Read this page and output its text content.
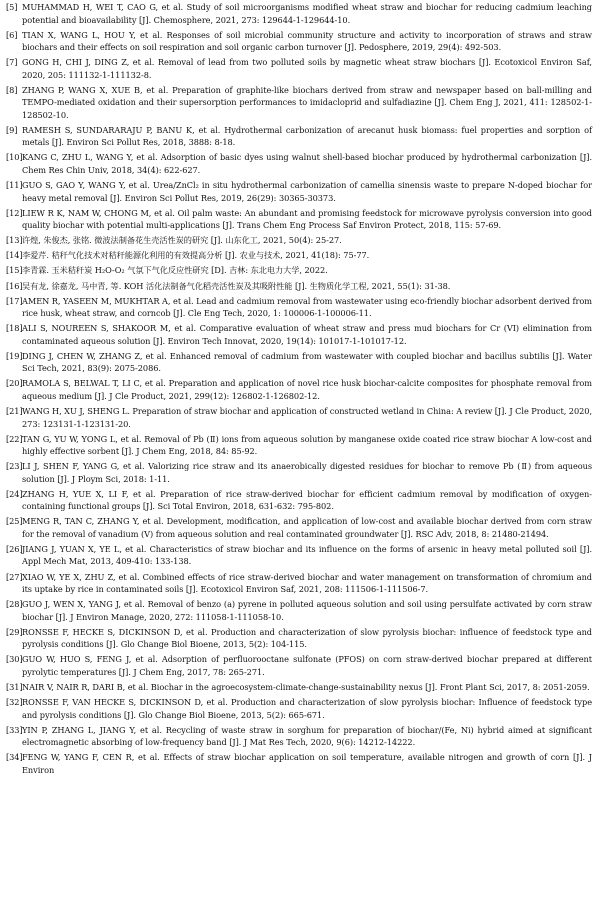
[5] MUHAMMAD H, WEI T, CAO G, et al. Study of soil microorganisms modified wheat straw and biochar for reducing cadmium leaching potential and bioavailability [J]. Chemosphere, 2021, 273: 129644-1-129644-10.
[6] TIAN X, WANG L, HOU Y, et al. Responses of soil microbial community structure and activity to incorporation of straws and straw biochars and their effects on soil respiration and soil organic carbon turnover [J]. Pedosphere, 2019, 29(4): 492-503.
[7] GONG H, CHI J, DING Z, et al. Removal of lead from two polluted soils by magnetic wheat straw biochars [J]. Ecotoxicol Environ Saf, 2020, 205: 111132-1-111132-8.
[8] ZHANG P, WANG X, XUE B, et al. Preparation of graphite-like biochars derived from straw and newspaper based on ball-milling and TEMPO-mediated oxidation and their supersorption performances to imidacloprid and sulfadiazine [J]. Chem Eng J, 2021, 411: 128502-1-128502-10.
[9] RAMESH S, SUNDARARAJU P, BANU K, et al. Hydrothermal carbonization of arecanut husk biomass: fuel properties and sorption of metals [J]. Environ Sci Pollut Res, 2018, 3888: 8-18.
[10] KANG C, ZHU L, WANG Y, et al. Adsorption of basic dyes using walnut shell-based biochar produced by hydrothermal carbonization [J]. Chem Res Chin Univ, 2018, 34(4): 622-627.
[11] GUO S, GAO Y, WANG Y, et al. Urea/ZnCl₂ in situ hydrothermal carbonization of camellia sinensis waste to prepare N-doped biochar for heavy metal removal [J]. Environ Sci Pollut Res, 2019, 26(29): 30365-30373.
[12] LIEW R K, NAM W, CHONG M, et al. Oil palm waste: An abundant and promising feedstock for microwave pyrolysis conversion into good quality biochar with potential multi-applications [J]. Trans Chem Eng Process Saf Environ Protect, 2018, 115: 57-69.
[13] 许煌, 朱俊杰, 张铭. 微波法制备花生壳活性炭的研究 [J]. 山东化工, 2021, 50(4): 25-27.
[14] 李爱芹. 秸秆气化技术对秸秆能源化利用的有效提高分析 [J]. 农业与技术, 2021, 41(18): 75-77.
[15] 李青霖. 玉米秸秆炭 H₂O-O₂ 气氛下气化反应性研究 [D]. 吉林: 东北电力大学, 2022.
[16] 吴有龙, 徐嘉龙, 马中青, 等. KOH 活化法制备气化稻壳活性炭及其吸附性能 [J]. 生物质化学工程, 2021, 55(1): 31-38.
[17] AMEN R, YASEEN M, MUKHTAR A, et al. Lead and cadmium removal from wastewater using eco-friendly biochar adsorbent derived from rice husk, wheat straw, and corncob [J]. Cle Eng Tech, 2020, 1: 100006-1-100006-11.
[18] ALI S, NOUREEN S, SHAKOOR M, et al. Comparative evaluation of wheat straw and press mud biochars for Cr (VI) elimination from contaminated aqueous solution [J]. Environ Tech Innovat, 2020, 19(14): 101017-1-101017-12.
[19] DING J, CHEN W, ZHANG Z, et al. Enhanced removal of cadmium from wastewater with coupled biochar and bacillus subtilis [J]. Water Sci Tech, 2021, 83(9): 2075-2086.
[20] RAMOLA S, BELWAL T, LI C, et al. Preparation and application of novel rice husk biochar-calcite composites for phosphate removal from aqueous medium [J]. J Cle Product, 2021, 299(12): 126802-1-126802-12.
[21] WANG H, XU J, SHENG L. Preparation of straw biochar and application of constructed wetland in China: A review [J]. J Cle Product, 2020, 273: 123131-1-123131-20.
[22] TAN G, YU W, YONG L, et al. Removal of Pb (Ⅱ) ions from aqueous solution by manganese oxide coated rice straw biochar A low-cost and highly effective sorbent [J]. J Chem Eng, 2018, 84: 85-92.
[23] LI J, SHEN F, YANG G, et al. Valorizing rice straw and its anaerobically digested residues for biochar to remove Pb (Ⅱ) from aqueous solution [J]. J Ploym Sci, 2018: 1-11.
[24] ZHANG H, YUE X, LI F, et al. Preparation of rice straw-derived biochar for efficient cadmium removal by modification of oxygen-containing functional groups [J]. Sci Total Environ, 2018, 631-632: 795-802.
[25] MENG R, TAN C, ZHANG Y, et al. Development, modification, and application of low-cost and available biochar derived from corn straw for the removal of vanadium (V) from aqueous solution and real contaminated groundwater [J]. RSC Adv, 2018, 8: 21480-21494.
[26] JIANG J, YUAN X, YE L, et al. Characteristics of straw biochar and its influence on the forms of arsenic in heavy metal polluted soil [J]. Appl Mech Mat, 2013, 409-410: 133-138.
[27] XIAO W, YE X, ZHU Z, et al. Combined effects of rice straw-derived biochar and water management on transformation of chromium and its uptake by rice in contaminated soils [J]. Ecotoxicol Environ Saf, 2021, 208: 111506-1-111506-7.
[28] GUO J, WEN X, YANG J, et al. Removal of benzo (a) pyrene in polluted aqueous solution and soil using persulfate activated by corn straw biochar [J]. J Environ Manage, 2020, 272: 111058-1-111058-10.
[29] RONSSE F, HECKE S, DICKINSON D, et al. Production and characterization of slow pyrolysis biochar: influence of feedstock type and pyrolysis conditions [J]. Glo Change Biol Bioene, 2013, 5(2): 104-115.
[30] GUO W, HUO S, FENG J, et al. Adsorption of perfluorooctane sulfonate (PFOS) on corn straw-derived biochar prepared at different pyrolytic temperatures [J]. J Chem Eng, 2017, 78: 265-271.
[31] NAIR V, NAIR R, DARI B, et al. Biochar in the agroecosystem-climate-change-sustainability nexus [J]. Front Plant Sci, 2017, 8: 2051-2059.
[32] RONSSE F, VAN HECKE S, DICKINSON D, et al. Production and characterization of slow pyrolysis biochar: Influence of feedstock type and pyrolysis conditions [J]. Glo Change Biol Bioene, 2013, 5(2): 665-671.
[33] YIN P, ZHANG L, JIANG Y, et al. Recycling of waste straw in sorghum for preparation of biochar/(Fe, Ni) hybrid aimed at significant electromagnetic absorbing of low-frequency band [J]. J Mat Res Tech, 2020, 9(6): 14212-14222.
[34] FENG W, YANG F, CEN R, et al. Effects of straw biochar application on soil temperature, available nitrogen and growth of corn [J]. J Environ
